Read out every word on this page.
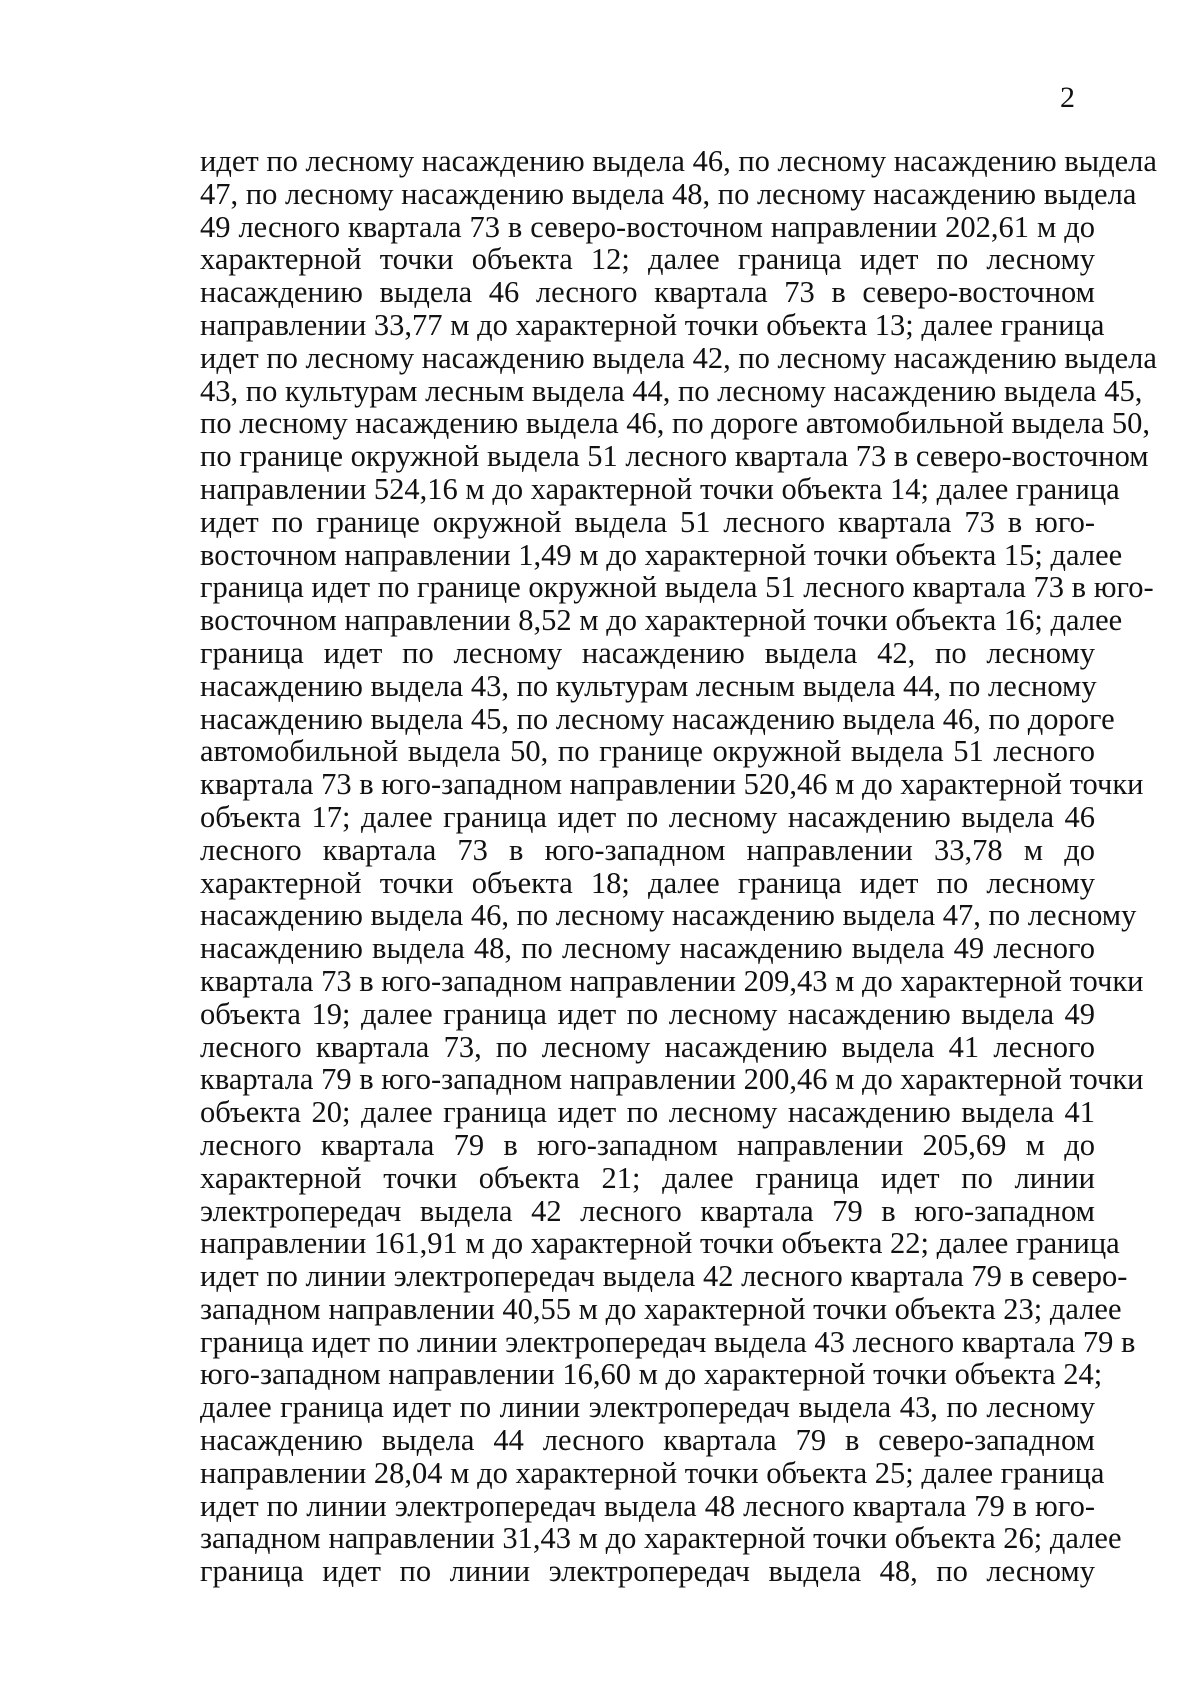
2
идет по лесному насаждению выдела 46, по лесному насаждению выдела
47, по лесному насаждению выдела 48, по лесному насаждению выдела
49 лесного квартала 73 в северо-восточном направлении 202,61 м до
характерной точки объекта 12; далее граница идет по лесному
насаждению выдела 46 лесного квартала 73 в северо-восточном
направлении 33,77 м до характерной точки объекта 13; далее граница
идет по лесному насаждению выдела 42, по лесному насаждению выдела
43, по культурам лесным выдела 44, по лесному насаждению выдела 45,
по лесному насаждению выдела 46, по дороге автомобильной выдела 50,
по границе окружной выдела 51 лесного квартала 73 в северо-восточном
направлении 524,16 м до характерной точки объекта 14; далее граница
идет по границе окружной выдела 51 лесного квартала 73 в юго-
восточном направлении 1,49 м до характерной точки объекта 15; далее
граница идет по границе окружной выдела 51 лесного квартала 73 в юго-
восточном направлении 8,52 м до характерной точки объекта 16; далее
граница идет по лесному насаждению выдела 42, по лесному
насаждению выдела 43, по культурам лесным выдела 44, по лесному
насаждению выдела 45, по лесному насаждению выдела 46, по дороге
автомобильной выдела 50, по границе окружной выдела 51 лесного
квартала 73 в юго-западном направлении 520,46 м до характерной точки
объекта 17; далее граница идет по лесному насаждению выдела 46
лесного квартала 73 в юго-западном направлении 33,78 м до
характерной точки объекта 18; далее граница идет по лесному
насаждению выдела 46, по лесному насаждению выдела 47, по лесному
насаждению выдела 48, по лесному насаждению выдела 49 лесного
квартала 73 в юго-западном направлении 209,43 м до характерной точки
объекта 19; далее граница идет по лесному насаждению выдела 49
лесного квартала 73, по лесному насаждению выдела 41 лесного
квартала 79 в юго-западном направлении 200,46 м до характерной точки
объекта 20; далее граница идет по лесному насаждению выдела 41
лесного квартала 79 в юго-западном направлении 205,69 м до
характерной точки объекта 21; далее граница идет по линии
электропередач выдела 42 лесного квартала 79 в юго-западном
направлении 161,91 м до характерной точки объекта 22; далее граница
идет по линии электропередач выдела 42 лесного квартала 79 в северо-
западном направлении 40,55 м до характерной точки объекта 23; далее
граница идет по линии электропередач выдела 43 лесного квартала 79 в
юго-западном направлении 16,60 м до характерной точки объекта 24;
далее граница идет по линии электропередач выдела 43, по лесному
насаждению выдела 44 лесного квартала 79 в северо-западном
направлении 28,04 м до характерной точки объекта 25; далее граница
идет по линии электропередач выдела 48 лесного квартала 79 в юго-
западном направлении 31,43 м до характерной точки объекта 26; далее
граница идет по линии электропередач выдела 48, по лесному
